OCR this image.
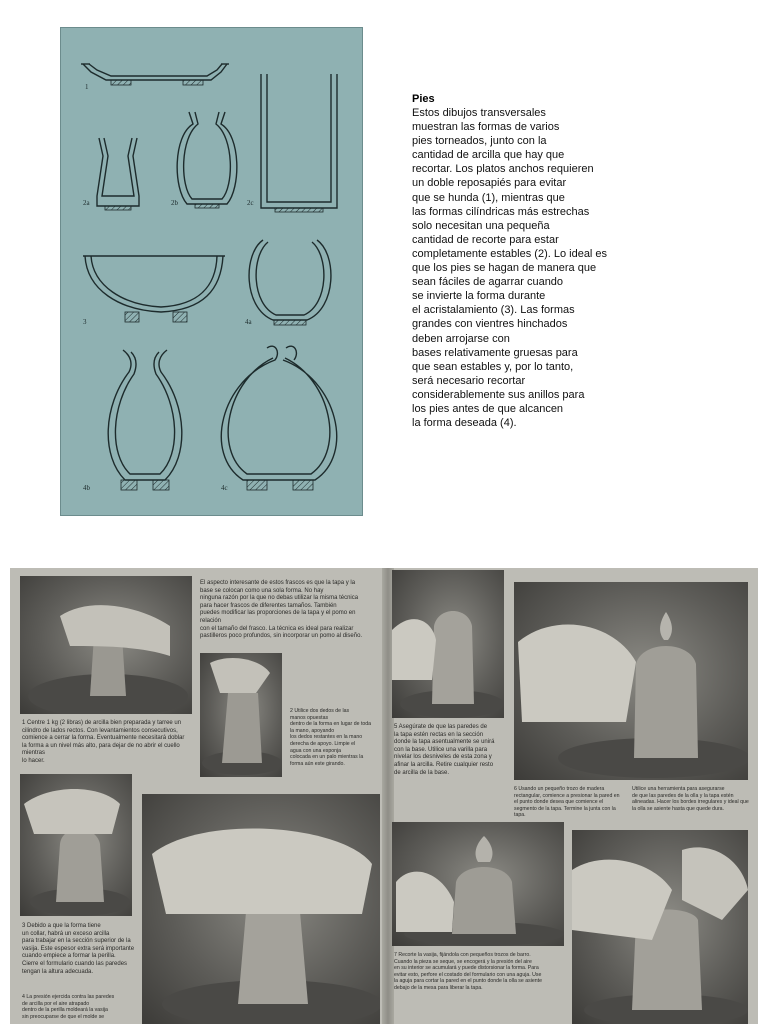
1
2a	2b	2c
3	4a
4b	4c
Pies
Estos dibujos transversales
muestran las formas de varios
pies torneados, junto con la
cantidad de arcilla que hay que
recortar. Los platos anchos requieren
un doble reposapiés para evitar
que se hunda (1), mientras que
las formas cilíndricas más estrechas
solo necesitan una pequeña
cantidad de recorte para estar
completamente estables (2). Lo ideal es
que los pies se hagan de manera que
sean fáciles de agarrar cuando
se invierte la forma durante
el acristalamiento (3). Las formas
grandes con vientres hinchados
deben arrojarse con
bases relativamente gruesas para
que sean estables y, por lo tanto,
será necesario recortar
considerablemente sus anillos para
los pies antes de que alcancen
la forma deseada (4).
El aspecto interesante de estos frascos es que la tapa y la
base se colocan como una sola forma. No hay
ninguna razón por la que no debas utilizar la misma técnica
para hacer frascos de diferentes tamaños. También
puedes modificar las proporciones de la tapa y el pomo en relación
con el tamaño del frasco. La técnica es ideal para realizar
pastilleros poco profundos, sin incorporar un pomo al diseño.
2 Utilice dos dedos de las
manos opuestas
dentro de la forma en lugar de toda
la mano, apoyando
los dedos restantes en la mano
derecha de apoyo. Limpie el
agua con una esponja
colocada en un palo mientras la
forma aún este girando.
1 Centre 1 kg (2 libras) de arcilla bien preparada y tarree un
cilindro de lados rectos. Con levantamientos consecutivos,
comience a cerrar la forma. Eventualmente necesitará doblar
la forma a un nivel más alto, para dejar de no abrir el cuello mientras
lo hacer.
3 Debido a que la forma tiene
un collar, habrá un exceso arcilla
para trabajar en la sección superior de la
vasija. Este espesor extra será importante
cuando empiece a formar la perilla.
Cierre el formulario cuando las paredes
tengan la altura adecuada.
4 La presión ejercida contra las paredes
de arcilla por el aire atrapado
dentro de la perilla moldeará la vasija
sin preocuparse de que el molde se
5 Asegúrate de que las paredes de
la tapa estén rectas en la sección
donde la tapa asentualmente se unirá
con la base. Utilice una varilla para
nivelar los desniveles de esta zona y
afinar la arcilla. Retire cualquier resto
de arcilla de la base.
6 Usando un pequeño trozo de madera
rectangular, comience a presionar la pared en
el punto donde desea que comience el
segmento de la tapa. Termine la junta con la tapa.
Utilice una herramienta para asegurarse
de que las paredes de la olla y la tapa estén
alineadas. Hacer los bordes irregulares y ideal que
la olla se asiente hasta que quede dura.
7 Recorte la vasija, fijándola con pequeños trozos de barro.
Cuando la pieza se seque, se encogerá y la presión del aire
en su interior se acumulará y puede distorsionar la forma. Para
evitar esto, perfore el costado del formulario con una aguja. Use
la aguja para cortar la pared en el punto donde la olla se asiente
debajo de la mesa para liberar la tapa.
